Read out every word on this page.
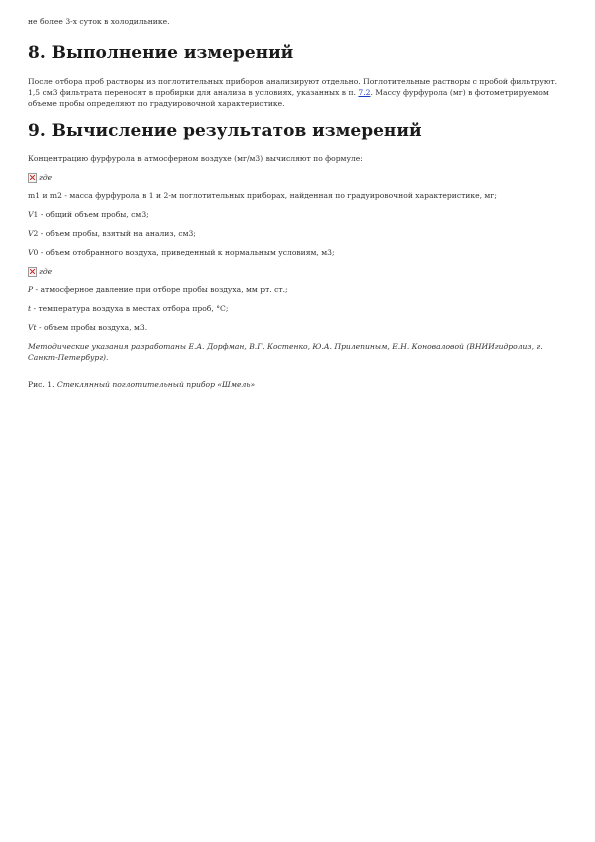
не более 3-х суток в холодильнике.

8. Выполнение измерений

После отбора проб растворы из поглотительных приборов анализируют отдельно. Поглотительные растворы с пробой фильтруют. 1,5 см3 фильтрата переносят в пробирки для анализа в условиях, указанных в п. 7.2. Массу фурфурола (мг) в фотометрируемом объеме пробы определяют по градуировочной характеристике.

9. Вычисление результатов измерений

Концентрацию фурфурола в атмосферном воздухе (мг/м3) вычисляют по формуле:

где

m1 и m2 - масса фурфурола в 1 и 2-м поглотительных приборах, найденная по градуировочной характеристике, мг;

V1 - общий объем пробы, см3;

V2 - объем пробы, взятый на анализ, см3;

V0 - объем отобранного воздуха, приведенный к нормальным условиям, м3;

где

P - атмосферное давление при отборе пробы воздуха, мм рт. ст.;

t - температура воздуха в местах отбора проб, °С;

Vt - объем пробы воздуха, м3.

Методические указания разработаны Е.А. Дорфман, В.Г. Костенко, Ю.А. Прилепиным, Е.Н. Коноваловой (ВНИИгидролиз, г. Санкт-Петербург).

Рис. 1. Стеклянный поглотительный прибор «Шмель»
